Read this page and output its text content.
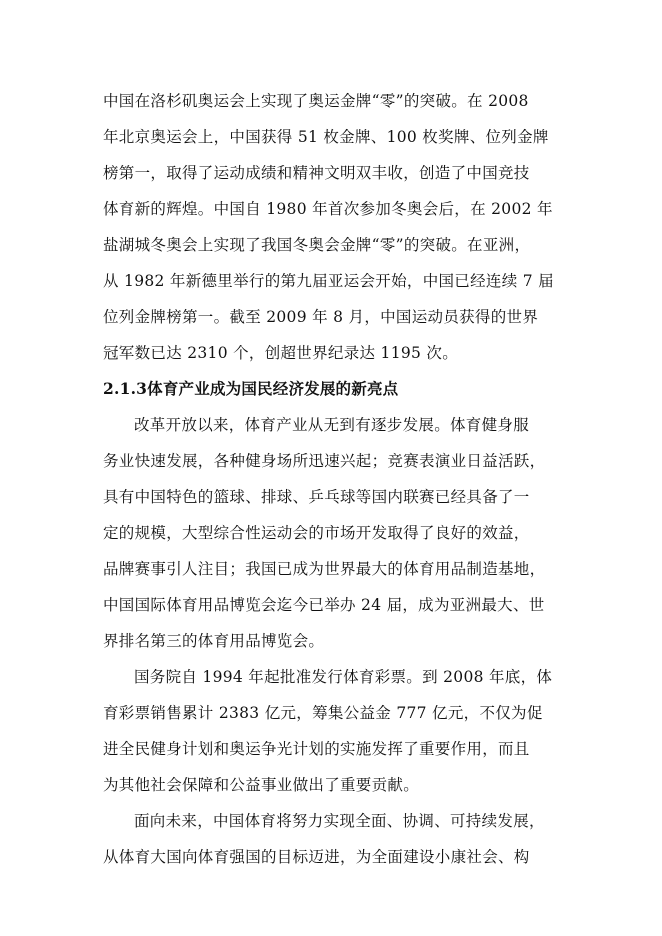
中国在洛杉矶奥运会上实现了奥运金牌“零”的突破。在 2008
年北京奥运会上，中国获得 51 枚金牌、100 枚奖牌、位列金牌
榜第一，取得了运动成绩和精神文明双丰收，创造了中国竞技
体育新的辉煌。中国自 1980 年首次参加冬奥会后，在 2002 年
盐湖城冬奥会上实现了我国冬奥会金牌“零”的突破。在亚洲，
从 1982 年新德里举行的第九届亚运会开始，中国已经连续 7 届
位列金牌榜第一。截至 2009 年 8 月，中国运动员获得的世界
冠军数已达 2310 个，创超世界纪录达 1195 次。
2.1.3体育产业成为国民经济发展的新亮点
改革开放以来，体育产业从无到有逐步发展。体育健身服
务业快速发展，各种健身场所迅速兴起；竞赛表演业日益活跃，
具有中国特色的篮球、排球、乒乓球等国内联赛已经具备了一
定的规模，大型综合性运动会的市场开发取得了良好的效益，
品牌赛事引人注目；我国已成为世界最大的体育用品制造基地，
中国国际体育用品博览会迄今已举办 24 届，成为亚洲最大、世
界排名第三的体育用品博览会。
国务院自 1994 年起批准发行体育彩票。到 2008 年底，体
育彩票销售累计 2383 亿元，筹集公益金 777 亿元，不仅为促
进全民健身计划和奥运争光计划的实施发挥了重要作用，而且
为其他社会保障和公益事业做出了重要贡献。
面向未来，中国体育将努力实现全面、协调、可持续发展，
从体育大国向体育强国的目标迈进，为全面建设小康社会、构
